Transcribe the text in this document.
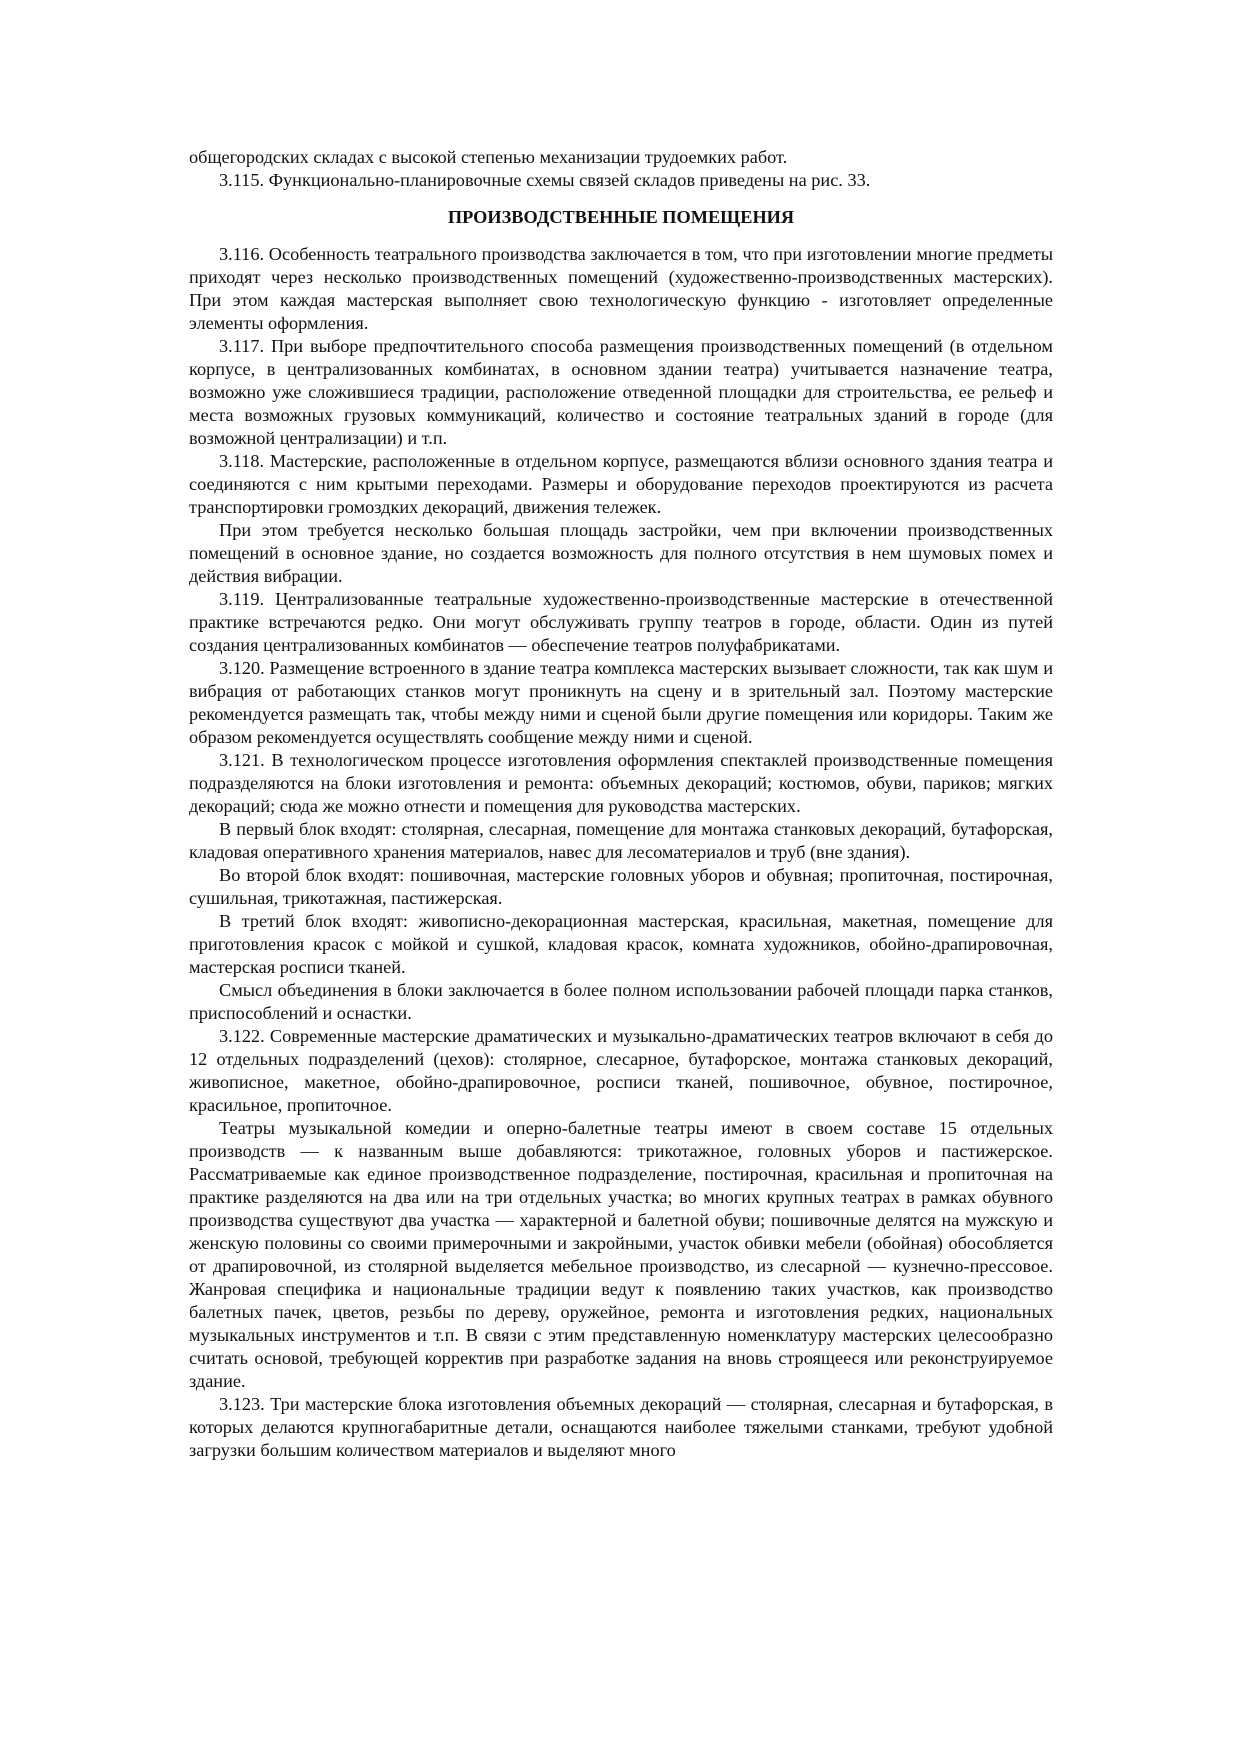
общегородских складах с высокой степенью механизации трудоемких работ.

3.115. Функционально-планировочные схемы связей складов приведены на рис. 33.

ПРОИЗВОДСТВЕННЫЕ ПОМЕЩЕНИЯ

3.116. Особенность театрального производства заключается в том, что при изготовлении многие предметы приходят через несколько производственных помещений (художественно-производственных мастерских). При этом каждая мастерская выполняет свою технологическую функцию - изготовляет определенные элементы оформления.

3.117. При выборе предпочтительного способа размещения производственных помещений (в отдельном корпусе, в централизованных комбинатах, в основном здании театра) учитывается назначение театра, возможно уже сложившиеся традиции, расположение отведенной площадки для строительства, ее рельеф и места возможных грузовых коммуникаций, количество и состояние театральных зданий в городе (для возможной централизации) и т.п.

3.118. Мастерские, расположенные в отдельном корпусе, размещаются вблизи основного здания театра и соединяются с ним крытыми переходами. Размеры и оборудование переходов проектируются из расчета транспортировки громоздких декораций, движения тележек.

При этом требуется несколько большая площадь застройки, чем при включении производственных помещений в основное здание, но создается возможность для полного отсутствия в нем шумовых помех и действия вибрации.

3.119. Централизованные театральные художественно-производственные мастерские в отечественной практике встречаются редко. Они могут обслуживать группу театров в городе, области. Один из путей создания централизованных комбинатов — обеспечение театров полуфабрикатами.

3.120. Размещение встроенного в здание театра комплекса мастерских вызывает сложности, так как шум и вибрация от работающих станков могут проникнуть на сцену и в зрительный зал. Поэтому мастерские рекомендуется размещать так, чтобы между ними и сценой были другие помещения или коридоры. Таким же образом рекомендуется осуществлять сообщение между ними и сценой.

3.121. В технологическом процессе изготовления оформления спектаклей производственные помещения подразделяются на блоки изготовления и ремонта: объемных декораций; костюмов, обуви, париков; мягких декораций; сюда же можно отнести и помещения для руководства мастерских.

В первый блок входят: столярная, слесарная, помещение для монтажа станковых декораций, бутафорская, кладовая оперативного хранения материалов, навес для лесоматериалов и труб (вне здания).

Во второй блок входят: пошивочная, мастерские головных уборов и обувная; пропиточная, постирочная, сушильная, трикотажная, пастижерская.

В третий блок входят: живописно-декорационная мастерская, красильная, макетная, помещение для приготовления красок с мойкой и сушкой, кладовая красок, комната художников, обойно-драпировочная, мастерская росписи тканей.

Смысл объединения в блоки заключается в более полном использовании рабочей площади парка станков, приспособлений и оснастки.

3.122. Современные мастерские драматических и музыкально-драматических театров включают в себя до 12 отдельных подразделений (цехов): столярное, слесарное, бутафорское, монтажа станковых декораций, живописное, макетное, обойно-драпировочное, росписи тканей, пошивочное, обувное, постирочное, красильное, пропиточное.

Театры музыкальной комедии и оперно-балетные театры имеют в своем составе 15 отдельных производств — к названным выше добавляются: трикотажное, головных уборов и пастижерское. Рассматриваемые как единое производственное подразделение, постирочная, красильная и пропиточная на практике разделяются на два или на три отдельных участка; во многих крупных театрах в рамках обувного производства существуют два участка — характерной и балетной обуви; пошивочные делятся на мужскую и женскую половины со своими примерочными и закройными, участок обивки мебели (обойная) обособляется от драпировочной, из столярной выделяется мебельное производство, из слесарной — кузнечно-прессовое. Жанровая специфика и национальные традиции ведут к появлению таких участков, как производство балетных пачек, цветов, резьбы по дереву, оружейное, ремонта и изготовления редких, национальных музыкальных инструментов и т.п. В связи с этим представленную номенклатуру мастерских целесообразно считать основой, требующей корректив при разработке задания на вновь строящееся или реконструируемое здание.

3.123. Три мастерские блока изготовления объемных декораций — столярная, слесарная и бутафорская, в которых делаются крупногабаритные детали, оснащаются наиболее тяжелыми станками, требуют удобной загрузки большим количеством материалов и выделяют много
